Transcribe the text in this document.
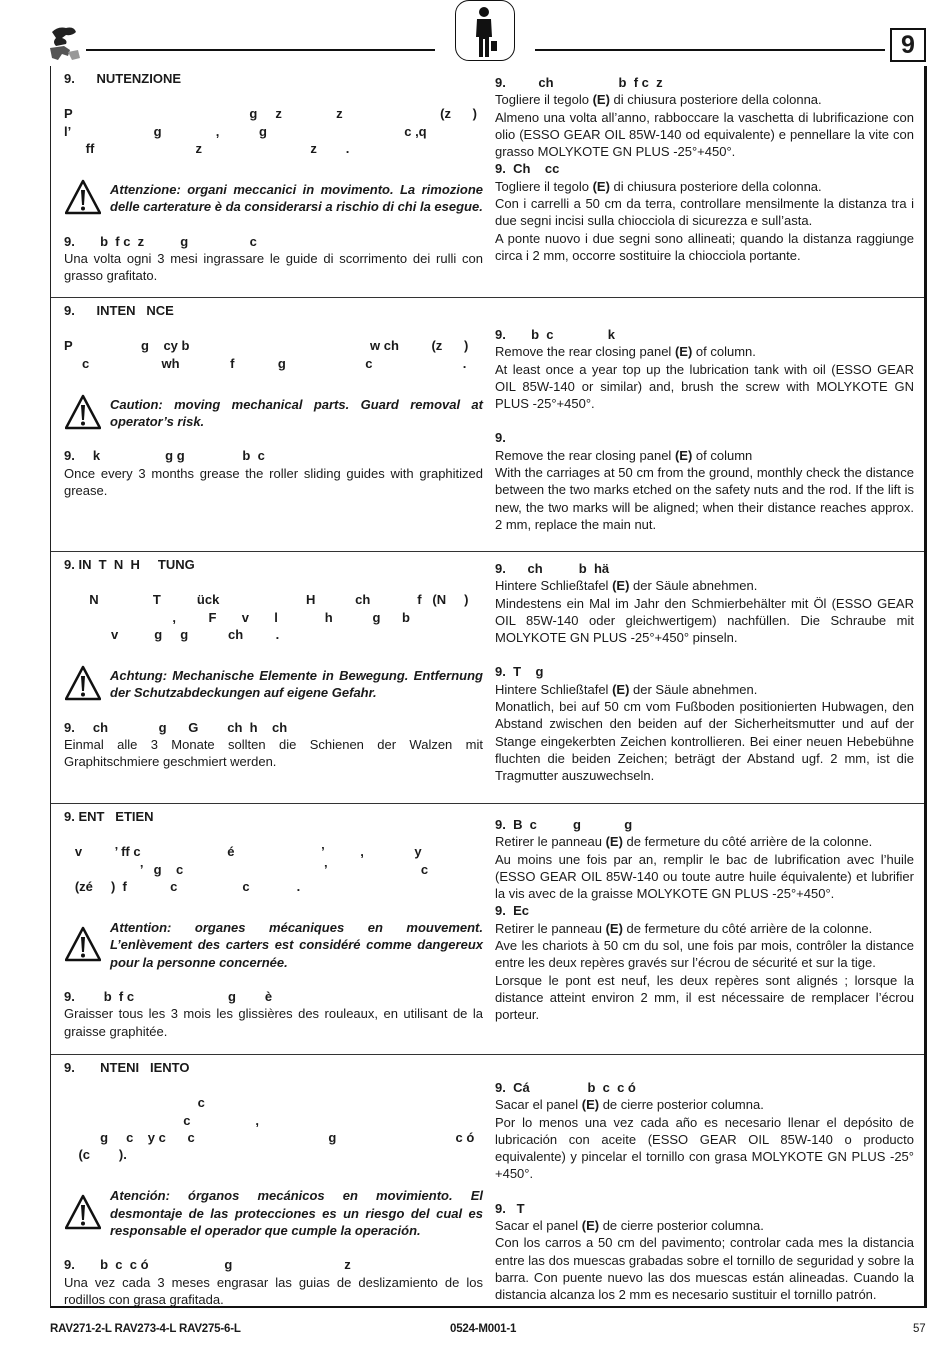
9
9.      NUTENZIONE
P                                                 g     z               z                           (z      )
l’                       g               ,           g                                      c ,q
ff                            z                              z        .
Attenzione: organi meccanici in movimento. La rimozione delle carterature è da considerarsi a rischio di chi la esegue.
9.       b  f c  z          g                 c
Una volta ogni 3 mesi ingrassare le guide di scorrimento dei rulli con grasso grafitato.
9.         ch                  b  f c  z
Togliere il tegolo (E) di chiusura posteriore della colonna.
Almeno una volta all’anno, rabboccare la vaschetta di lubrificazione con olio (ESSO GEAR OIL 85W-140 od equivalente) e pennellare la vite con grasso MOLYKOTE GN PLUS -25°+450°.
9.  Ch    cc
Togliere il tegolo (E) di chiusura posteriore della colonna.
Con i carrelli a 50 cm da terra, controllare mensilmente la distanza tra i due segni incisi sulla chiocciola di sicurezza e sull’asta.
A ponte nuovo i due segni sono allineati; quando la distanza raggiunge circa i 2 mm, occorre sostituire la chiocciola portante.
9.      INTEN   NCE
P                   g    cy b                                                  w ch         (z      )
c                    wh              f            g                      c                         .
Caution: moving mechanical parts. Guard removal at operator’s risk.
9.     k                  g g                b  c
Once every 3 months grease the roller sliding guides with graphitized grease.
9.       b  c               k
Remove the rear closing panel (E) of column.
At least once a year top up the lubrication tank with oil (ESSO GEAR OIL 85W-140 or similar) and, brush the screw with MOLYKOTE GN PLUS -25°+450°.
9.
Remove the rear closing panel (E) of column
With the carriages at 50 cm from the ground, monthly check the distance between the two marks etched on the safety nuts and the rod. If the lift is new, the two marks will be aligned; when their distance reaches approx. 2 mm, replace the main nut.
9. IN  T  N  H     TUNG
N               T          ück                        H           ch             f   (N     )
,         F       v       l             h           g      b
v          g     g           ch         .
Achtung: Mechanische Elemente in Bewegung. Entfernung der Schutzabdeckungen auf eigene Gefahr.
9.     ch              g      G        ch  h    ch
Einmal alle 3 Monate sollten die Schienen der Walzen mit Graphitschmiere geschmiert werden.
9.      ch          b  hä
Hintere Schließtafel (E) der Säule abnehmen.
Mindestens ein Mal im Jahr den Schmierbehälter mit Öl (ESSO GEAR OIL 85W-140 oder gleichwertigem) nachfüllen. Die Schraube mit MOLYKOTE GN PLUS -25°+450° pinseln.
9.  T    g
Hintere Schließtafel (E) der Säule abnehmen.
Monatlich, bei auf 50 cm vom Fußboden positionierten Hubwagen, den Abstand zwischen den beiden auf der Sicherheitsmutter und auf der Stange eingekerbten Zeichen kontrollieren. Bei einer neuen Hebebühne fluchten die beiden Zeichen; beträgt der Abstand ugf. 2 mm, ist die Tragmutter auszuwechseln.
9. ENT   ETIEN
v         ’ ff c                        é                        ’          ,              y
’   g    c                                       ’                          c
(zé     )  f            c                  c             .
Attention: organes mécaniques en mouvement. L’enlèvement des carters est considéré comme dangereux pour la personne concernée.
9.        b  f c                          g        è
Graisser tous les 3 mois les glissières des rouleaux, en utilisant de la graisse graphitée.
9.  B  c          g            g
Retirer le panneau (E) de fermeture du côté arrière de la colonne.
Au moins une fois par an, remplir le bac de lubrification avec l’huile (ESSO GEAR OIL 85W-140 ou toute autre huile équivalente) et lubrifier la vis avec de la graisse MOLYKOTE GN PLUS -25°+450°.
9.  Ec
Retirer le panneau (E) de fermeture du côté arrière de la colonne.
Ave les chariots à 50 cm du sol, une fois par mois, contrôler la distance entre les deux repères gravés sur l’écrou de sécurité et sur la tige.
Lorsque le pont est neuf, les deux repères sont alignés ; lorsque la distance atteint environ 2 mm, il est nécessaire de remplacer l’écrou porteur.
9.       NTENI   IENTO
c
c                  ,
g     c    y c      c                                     g                                 c ó
(c        ).
Atención: órganos mecánicos en movimiento. El desmontaje de las protecciones es un riesgo del cual es responsable el operador que cumple la operación.
9.       b  c  c ó                     g                               z
Una vez cada 3 meses engrasar las guias de deslizamiento de los rodillos con grasa grafitada.
9.  Cá                b  c  c ó
Sacar el panel (E) de cierre posterior columna.
Por lo menos una vez cada año es necesario llenar el depósito de lubricación con aceite (ESSO GEAR OIL 85W-140 o producto equivalente) y pincelar el tornillo con grasa MOLYKOTE GN PLUS -25°+450°.
9.   T
Sacar el panel (E) de cierre posterior columna.
Con los carros a 50 cm del pavimento; controlar cada mes la distancia entre las dos muescas grabadas sobre el tornillo de seguridad y sobre la barra. Con puente nuevo las dos muescas están alineadas. Cuando la distancia alcanza los 2 mm es necesario sustituir el tornillo patrón.
RAV271-2-L RAV273-4-L RAV275-6-L	0524-M001-1	57
